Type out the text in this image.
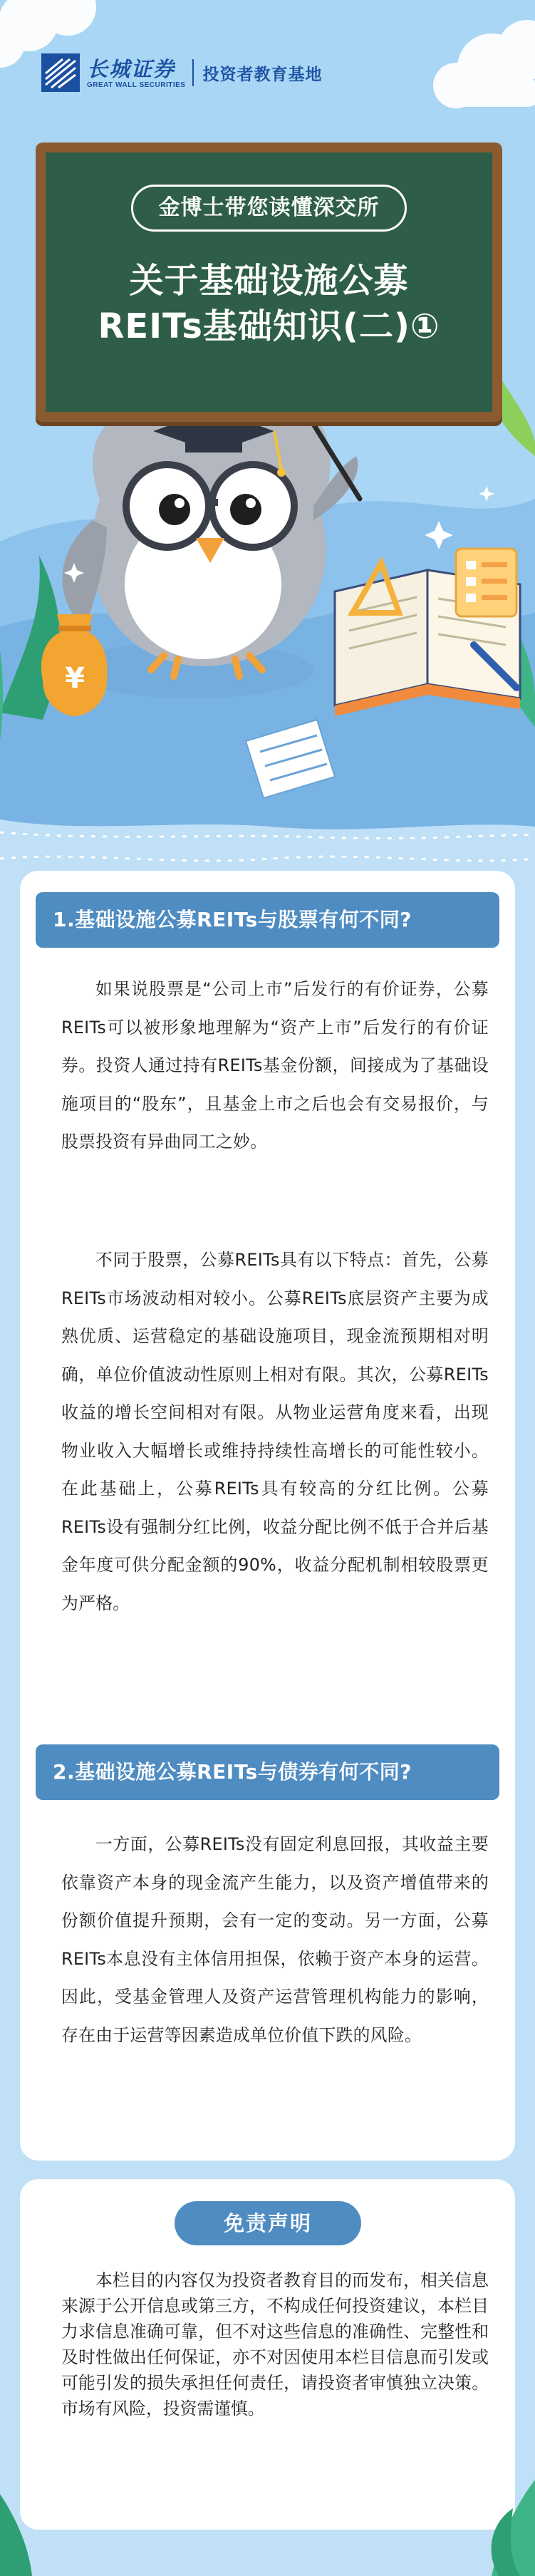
¥
长城证券
GREAT WALL SECURITIES
投资者教育基地
金博士带您读懂深交所
关于基础设施公募
REITs基础知识(二)①
1.基础设施公募REITs与股票有何不同?

如果说股票是“公司上市”后发行的有价证券，公募REITs可以被形象地理解为“资产上市”后发行的有价证券。投资人通过持有REITs基金份额，间接成为了基础设施项目的“股东”，且基金上市之后也会有交易报价，与股票投资有异曲同工之妙。

不同于股票，公募REITs具有以下特点：首先，公募REITs市场波动相对较小。公募REITs底层资产主要为成熟优质、运营稳定的基础设施项目，现金流预期相对明确，单位价值波动性原则上相对有限。其次，公募REITs收益的增长空间相对有限。从物业运营角度来看，出现物业收入大幅增长或维持持续性高增长的可能性较小。在此基础上，公募REITs具有较高的分红比例。公募REITs设有强制分红比例，收益分配比例不低于合并后基金年度可供分配金额的90%，收益分配机制相较股票更为严格。

2.基础设施公募REITs与债券有何不同?

一方面，公募REITs没有固定利息回报，其收益主要依靠资产本身的现金流产生能力，以及资产增值带来的份额价值提升预期，会有一定的变动。另一方面，公募REITs本息没有主体信用担保，依赖于资产本身的运营。因此，受基金管理人及资产运营管理机构能力的影响，存在由于运营等因素造成单位价值下跌的风险。

免责声明

本栏目的内容仅为投资者教育目的而发布，相关信息来源于公开信息或第三方，不构成任何投资建议，本栏目力求信息准确可靠，但不对这些信息的准确性、完整性和及时性做出任何保证，亦不对因使用本栏目信息而引发或可能引发的损失承担任何责任，请投资者审慎独立决策。市场有风险，投资需谨慎。
